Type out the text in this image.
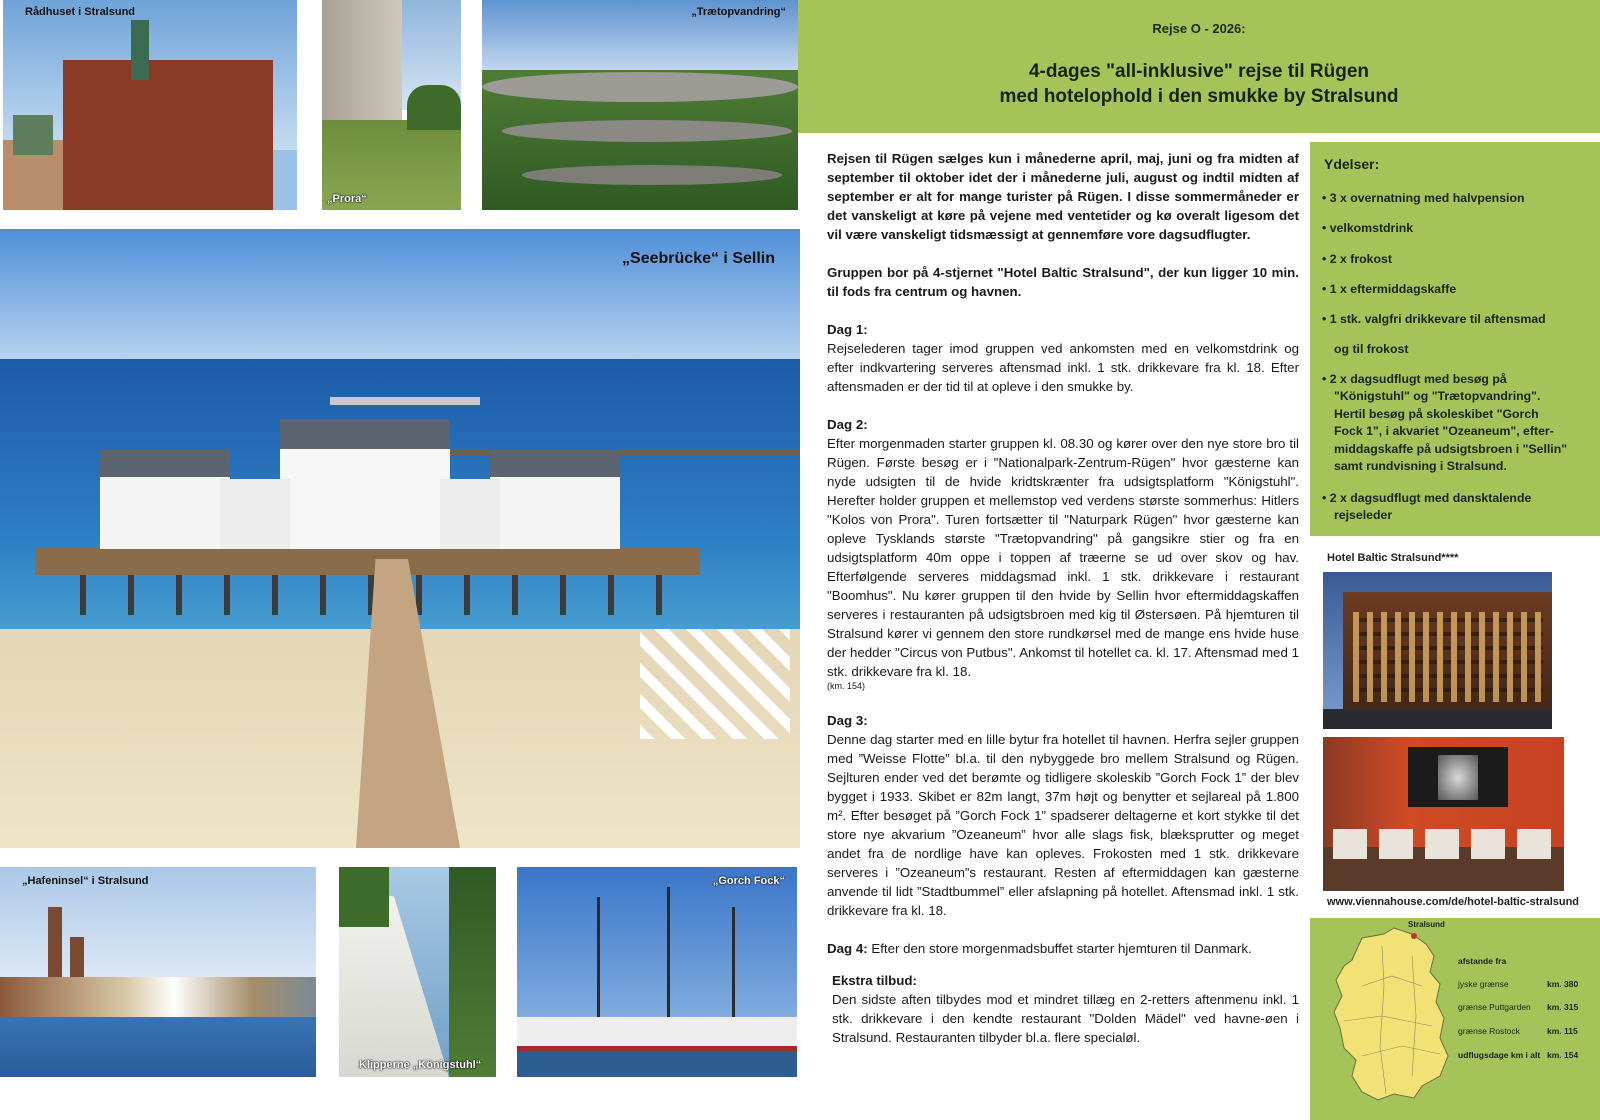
Rådhuset i Stralsund
„Prora“
„Trætopvandring“
„Seebrücke“ i Sellin
„Hafeninsel“ i Stralsund
Klipperne „Königstuhl“
„Gorch Fock“
Rejse O - 2026:
4-dages "all-inklusive" rejse til Rügen
med hotelophold i den smukke by Stralsund

Rejsen til Rügen sælges kun i månederne april, maj, juni og fra midten af september til oktober idet der i månederne juli, august og indtil midten af september er alt for mange turister på Rügen. I disse sommermåneder er det vanskeligt at køre på vejene med ventetider og kø overalt ligesom det vil være vanskeligt tidsmæssigt at gennemføre vore dagsudflugter.

Gruppen bor på 4-stjernet "Hotel Baltic Stralsund", der kun ligger 10 min. til fods fra centrum og havnen.

Dag 1:

Rejselederen tager imod gruppen ved ankomsten med en velkomstdrink og efter indkvartering serveres aftensmad inkl. 1 stk. drikkevare fra kl. 18. Efter aftensmaden er der tid til at opleve i den smukke by.

Dag 2:

Efter morgenmaden starter gruppen kl. 08.30 og kører over den nye store bro til Rügen. Første besøg er i "Nationalpark-Zentrum-Rügen" hvor gæsterne kan nyde udsigten til de hvide kridtskrænter fra udsigtsplatform "Königstuhl". Herefter holder gruppen et mellemstop ved verdens største sommerhus: Hitlers "Kolos von Prora". Turen fortsætter til "Naturpark Rügen" hvor gæsterne kan opleve Tysklands største "Trætopvandring" på gangsikre stier og fra en udsigtsplatform 40m oppe i toppen af træerne se ud over skov og hav. Efterfølgende serveres middagsmad inkl. 1 stk. drikkevare i restaurant "Boomhus". Nu kører gruppen til den hvide by Sellin hvor eftermiddagskaffen serveres i restauranten på udsigtsbroen med kig til Østersøen. På hjemturen til Stralsund kører vi gennem den store rundkørsel med de mange ens hvide huse der hedder "Circus von Putbus". Ankomst til hotellet ca. kl. 17. Aftensmad med 1 stk. drikkevare fra kl. 18.

(km. 154)

Dag 3:

Denne dag starter med en lille bytur fra hotellet til havnen. Herfra sejler gruppen med ”Weisse Flotte” bl.a. til den nybyggede bro mellem Stralsund og Rügen. Sejlturen ender ved det berømte og tidligere skoleskib ”Gorch Fock 1” der blev bygget i 1933. Skibet er 82m langt, 37m højt og benytter et sejlareal på 1.800 m². Efter besøget på ”Gorch Fock 1” spadserer deltagerne et kort stykke til det store nye akvarium ”Ozeaneum” hvor alle slags fisk, blæksprutter og meget andet fra de nordlige have kan opleves. Frokosten med 1 stk. drikkevare serveres i ”Ozeaneum”s restaurant. Resten af eftermiddagen kan gæsterne anvende til lidt ”Stadtbummel” eller afslapning på hotellet. Aftensmad inkl. 1 stk. drikkevare fra kl. 18.

Dag 4: Efter den store morgenmadsbuffet starter hjemturen til Danmark.

Ekstra tilbud:

Den sidste aften tilbydes mod et mindret tillæg en 2-retters aftenmenu inkl. 1 stk. drikkevare i den kendte restaurant "Dolden Mädel" ved havne-øen i Stralsund. Restauranten tilbyder bl.a. flere specialøl.

Ydelser:
• 3 x overnatning med halvpension
• velkomstdrink
• 2 x frokost
• 1 x eftermiddagskaffe
• 1 stk. valgfri drikkevare til aftensmad
og til frokost
• 2 x dagsudflugt med besøg på
"Königstuhl" og "Trætopvandring".
Hertil besøg på skoleskibet "Gorch
Fock 1", i akvariet "Ozeaneum", efter-
middagskaffe på udsigtsbroen i "Sellin"
samt rundvisning i Stralsund.
• 2 x dagsudflugt med dansktalende
rejseleder
Hotel Baltic Stralsund****
www.viennahouse.com/de/hotel-baltic-stralsund
Stralsund
afstande fra
jyske grænse	km. 380
grænse Puttgarden km. 315
grænse Rostock	km. 115
udflugsdage km i alt km. 154
